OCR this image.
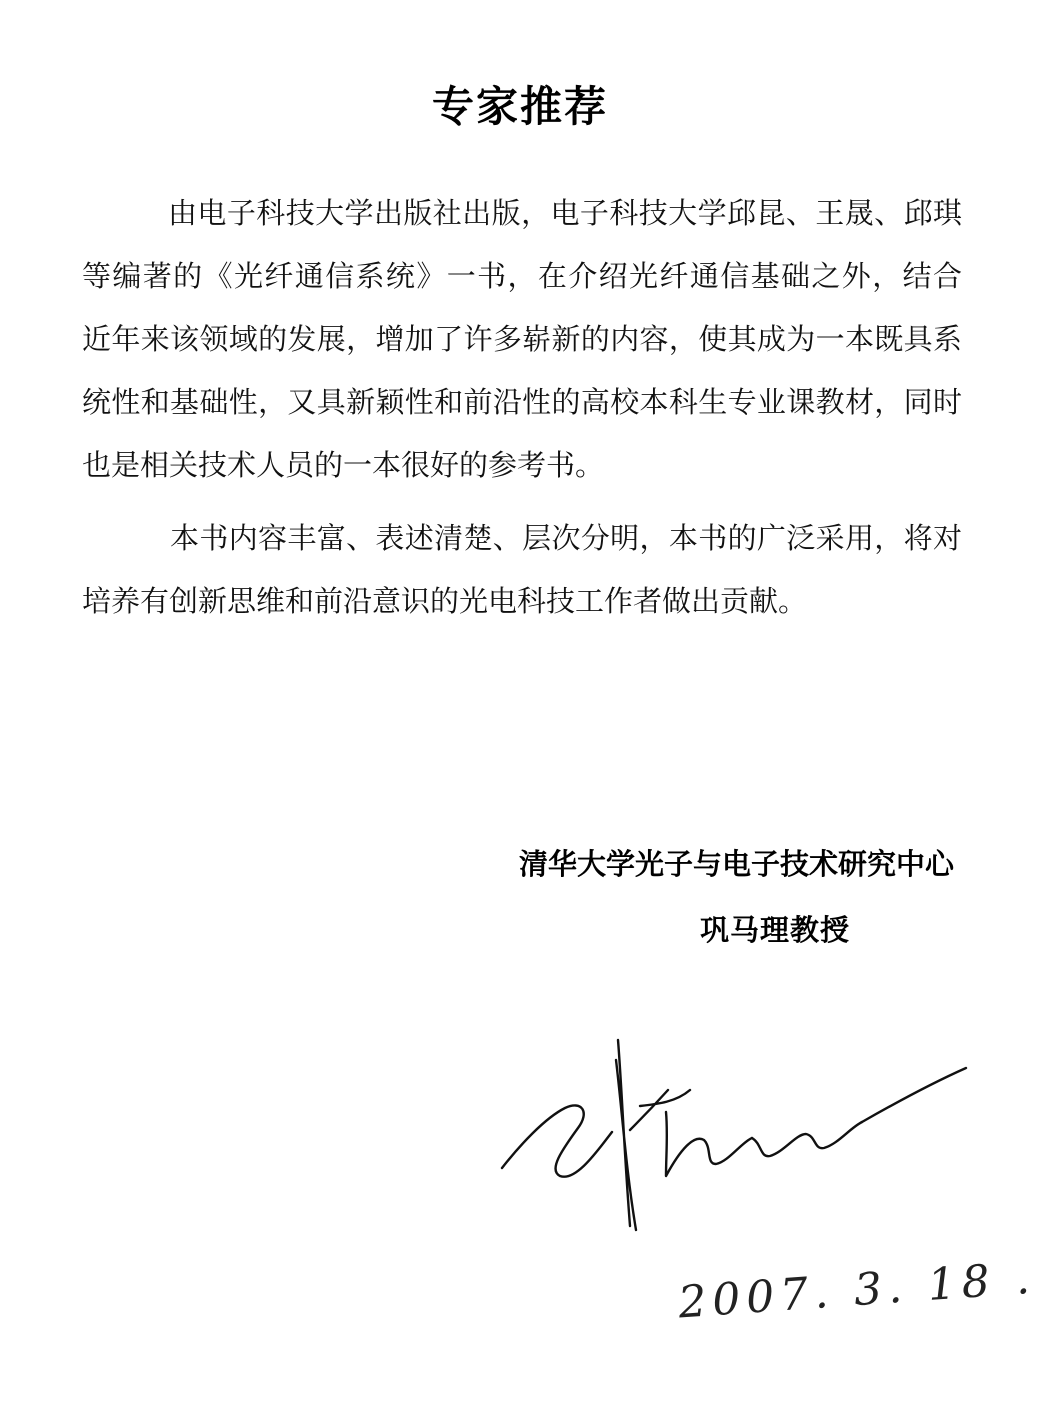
专家推荐
由电子科技大学出版社出版，电子科技大学邱昆、王晟、邱琪
等编著的《光纤通信系统》一书，在介绍光纤通信基础之外，结合
近年来该领域的发展，增加了许多崭新的内容，使其成为一本既具系
统性和基础性，又具新颖性和前沿性的高校本科生专业课教材，同时
也是相关技术人员的一本很好的参考书。
本书内容丰富、表述清楚、层次分明，本书的广泛采用，将对
培养有创新思维和前沿意识的光电科技工作者做出贡献。
清华大学光子与电子技术研究中心
巩马理教授
2007. 3. 18 .
